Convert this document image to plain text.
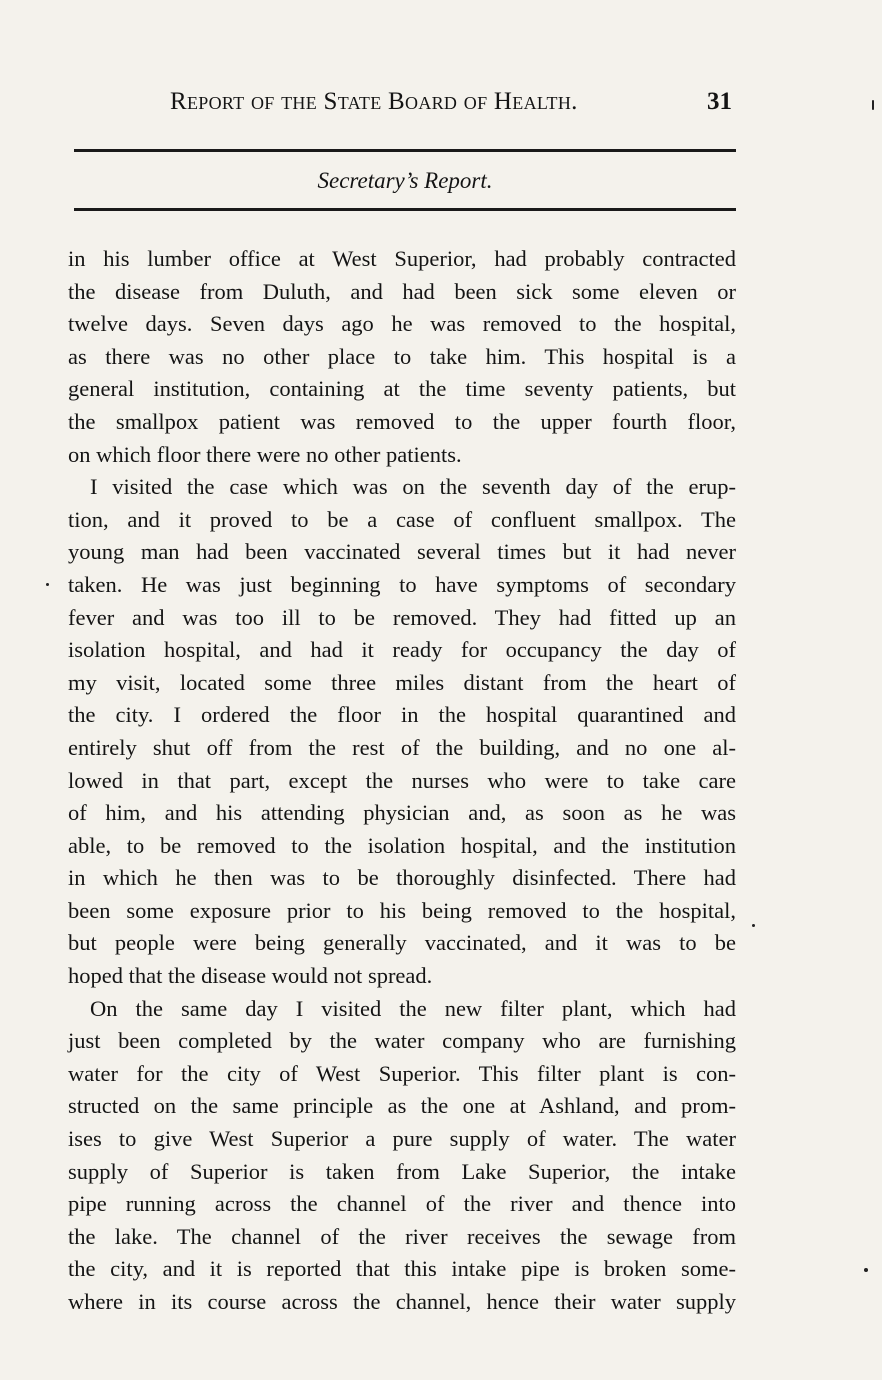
Report of the State Board of Health.	31
Secretary’s Report.
in his lumber office at West Superior, had probably contracted
the disease from Duluth, and had been sick some eleven or
twelve days. Seven days ago he was removed to the hospital,
as there was no other place to take him. This hospital is a
general institution, containing at the time seventy patients, but
the smallpox patient was removed to the upper fourth floor,
on which floor there were no other patients.
I visited the case which was on the seventh day of the erup-
tion, and it proved to be a case of confluent smallpox. The
young man had been vaccinated several times but it had never
taken. He was just beginning to have symptoms of secondary
fever and was too ill to be removed. They had fitted up an
isolation hospital, and had it ready for occupancy the day of
my visit, located some three miles distant from the heart of
the city. I ordered the floor in the hospital quarantined and
entirely shut off from the rest of the building, and no one al-
lowed in that part, except the nurses who were to take care
of him, and his attending physician and, as soon as he was
able, to be removed to the isolation hospital, and the institution
in which he then was to be thoroughly disinfected. There had
been some exposure prior to his being removed to the hospital,
but people were being generally vaccinated, and it was to be
hoped that the disease would not spread.
On the same day I visited the new filter plant, which had
just been completed by the water company who are furnishing
water for the city of West Superior. This filter plant is con-
structed on the same principle as the one at Ashland, and prom-
ises to give West Superior a pure supply of water. The water
supply of Superior is taken from Lake Superior, the intake
pipe running across the channel of the river and thence into
the lake. The channel of the river receives the sewage from
the city, and it is reported that this intake pipe is broken some-
where in its course across the channel, hence their water supply
